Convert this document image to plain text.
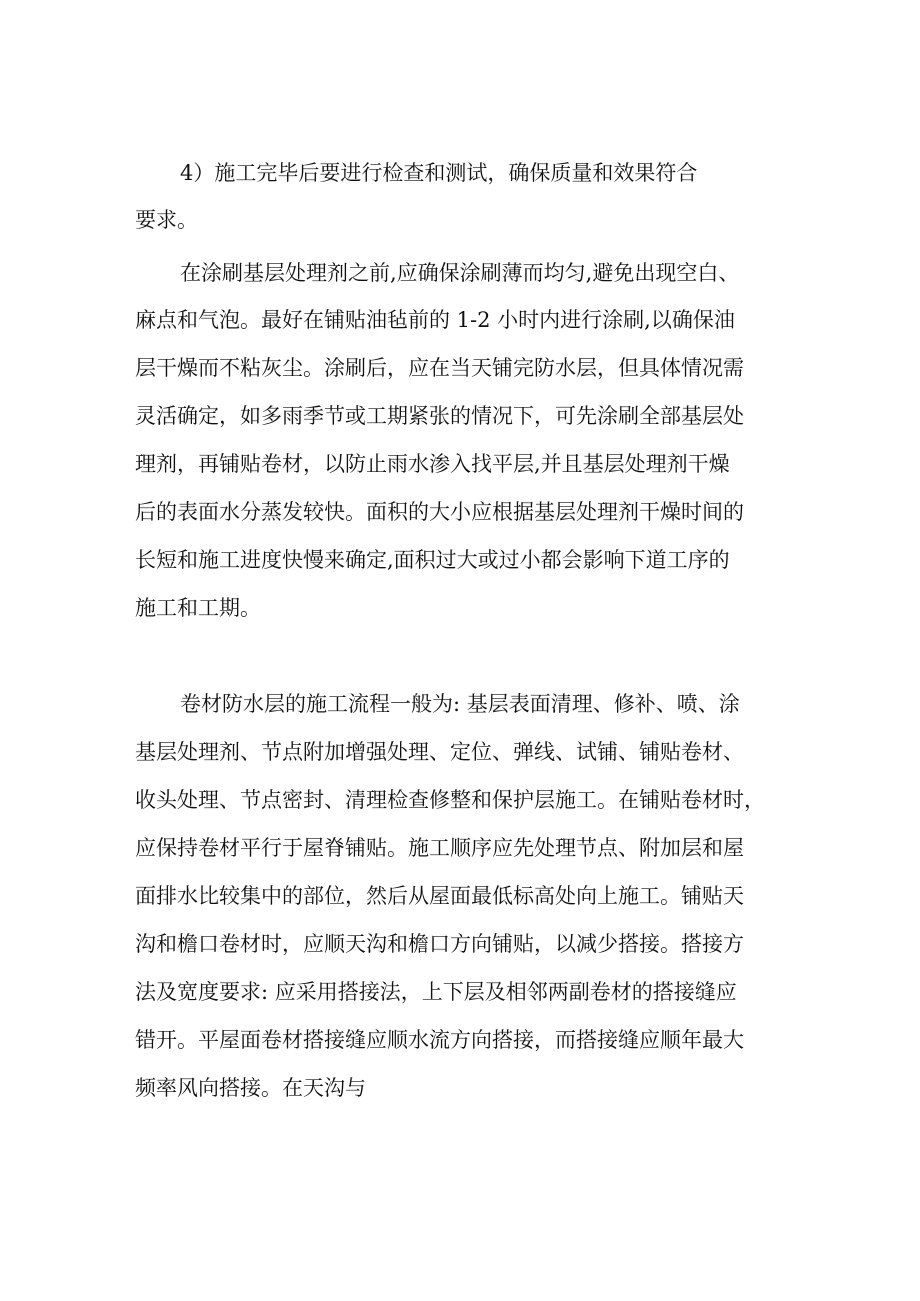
4）施工完毕后要进行检查和测试，确保质量和效果符合
要求。
在涂刷基层处理剂之前,应确保涂刷薄而均匀,避免出现空白、
麻点和气泡。最好在铺贴油毡前的 1-2 小时内进行涂刷,以确保油
层干燥而不粘灰尘。涂刷后，应在当天铺完防水层，但具体情况需
灵活确定，如多雨季节或工期紧张的情况下，可先涂刷全部基层处
理剂，再铺贴卷材，以防止雨水渗入找平层,并且基层处理剂干燥
后的表面水分蒸发较快。面积的大小应根据基层处理剂干燥时间的
长短和施工进度快慢来确定,面积过大或过小都会影响下道工序的
施工和工期。
卷材防水层的施工流程一般为: 基层表面清理、修补、喷、涂
基层处理剂、节点附加增强处理、定位、弹线、试铺、铺贴卷材、
收头处理、节点密封、清理检查修整和保护层施工。在铺贴卷材时，
应保持卷材平行于屋脊铺贴。施工顺序应先处理节点、附加层和屋
面排水比较集中的部位，然后从屋面最低标高处向上施工。铺贴天
沟和檐口卷材时，应顺天沟和檐口方向铺贴，以减少搭接。搭接方
法及宽度要求: 应采用搭接法，上下层及相邻两副卷材的搭接缝应
错开。平屋面卷材搭接缝应顺水流方向搭接，而搭接缝应顺年最大
频率风向搭接。在天沟与
